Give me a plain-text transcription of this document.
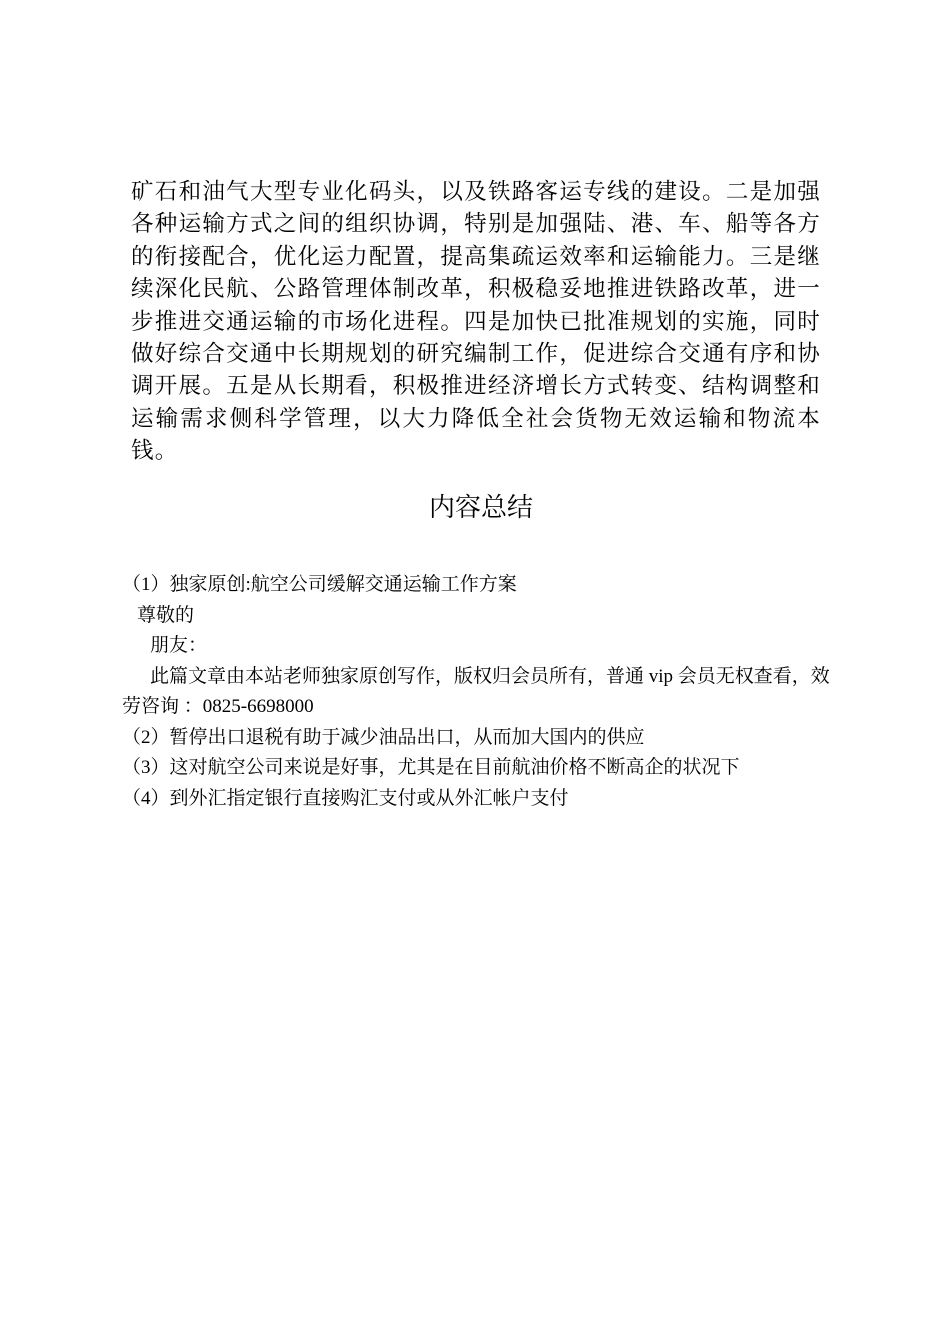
矿石和油气大型专业化码头，以及铁路客运专线的建设。二是加强各种运输方式之间的组织协调，特别是加强陆、港、车、船等各方的衔接配合，优化运力配置，提高集疏运效率和运输能力。三是继续深化民航、公路管理体制改革，积极稳妥地推进铁路改革，进一步推进交通运输的市场化进程。四是加快已批准规划的实施，同时做好综合交通中长期规划的研究编制工作，促进综合交通有序和协调开展。五是从长期看，积极推进经济增长方式转变、结构调整和运输需求侧科学管理，以大力降低全社会货物无效运输和物流本钱。

内容总结

（1）独家原创:航空公司缓解交通运输工作方案

尊敬的

朋友：

此篇文章由本站老师独家原创写作，版权归会员所有，普通 vip 会员无权查看，效劳咨询 ：0825-6698000

（2）暂停出口退税有助于减少油品出口，从而加大国内的供应

（3）这对航空公司来说是好事，尤其是在目前航油价格不断高企的状况下

（4）到外汇指定银行直接购汇支付或从外汇帐户支付
